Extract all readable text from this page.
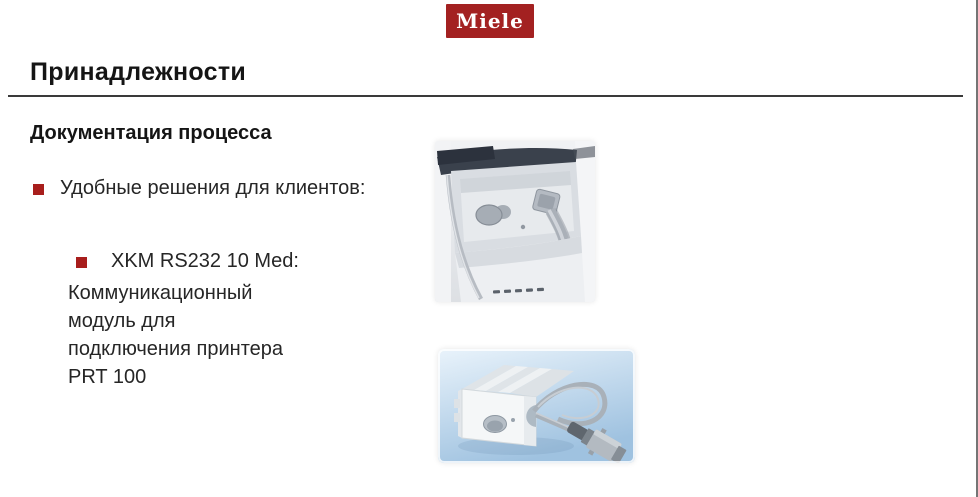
Miele
Принадлежности
Документация процесса
Удобные решения для клиентов:
XKM RS232 10 Med:
Коммуникационный
модуль для
подключения принтера
PRT 100
